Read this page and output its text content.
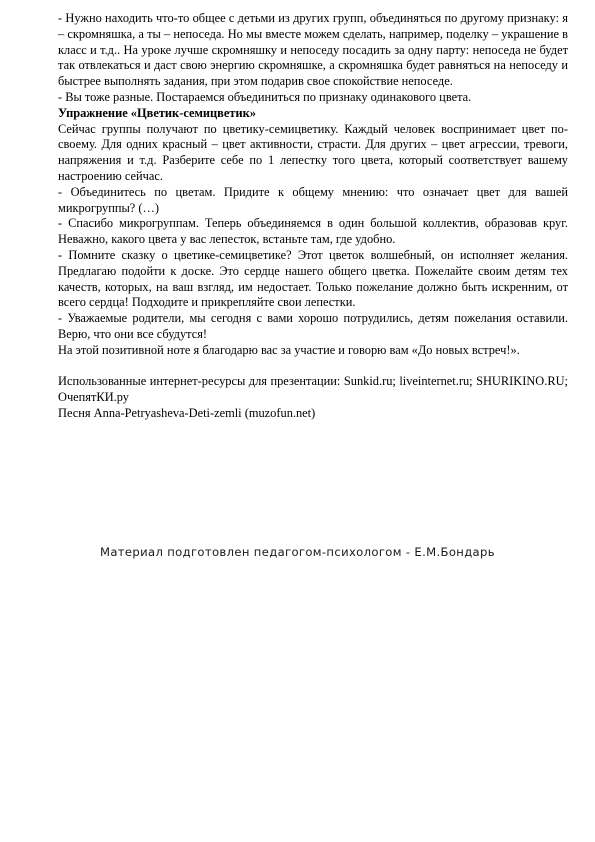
- Нужно находить что-то общее с детьми из других групп, объединяться по другому признаку: я – скромняшка, а ты – непоседа. Но мы вместе можем сделать, например, поделку – украшение в класс и т.д.. На уроке лучше скромняшку и непоседу посадить за одну парту: непоседа не будет так отвлекаться и даст свою энергию скромняшке, а скромняшка будет равняться на непоседу и быстрее выполнять задания, при этом подарив свое спокойствие непоседе.

- Вы тоже разные. Постараемся объединиться по признаку одинакового цвета.

Упражнение «Цветик-семицветик»

Сейчас группы получают по цветику-семицветику. Каждый человек воспринимает цвет по-своему. Для одних красный – цвет активности, страсти. Для других – цвет агрессии, тревоги, напряжения и т.д. Разберите себе по 1 лепестку того цвета, который соответствует вашему настроению сейчас.

- Объединитесь по цветам. Придите к общему мнению: что означает цвет для вашей микрогруппы? (…)

- Спасибо микрогруппам. Теперь объединяемся в один большой коллектив, образовав круг. Неважно, какого цвета у вас лепесток, встаньте там, где удобно.

- Помните сказку о цветике-семицветике? Этот цветок волшебный, он исполняет желания. Предлагаю подойти к доске. Это сердце нашего общего цветка. Пожелайте своим детям тех качеств, которых, на ваш взгляд, им недостает. Только пожелание должно быть искренним, от всего сердца! Подходите и прикрепляйте свои лепестки.

- Уважаемые родители, мы сегодня с вами хорошо потрудились, детям пожелания оставили. Верю, что они все сбудутся!

На этой позитивной ноте я благодарю вас за участие и говорю вам «До новых встреч!».

Использованные интернет-ресурсы для презентации: Sunkid.ru; liveinternet.ru; SHURIKINO.RU; ОчепятКИ.ру

Песня Anna-Petryasheva-Deti-zemli (muzofun.net)

Материал подготовлен педагогом-психологом - Е.М.Бондарь
